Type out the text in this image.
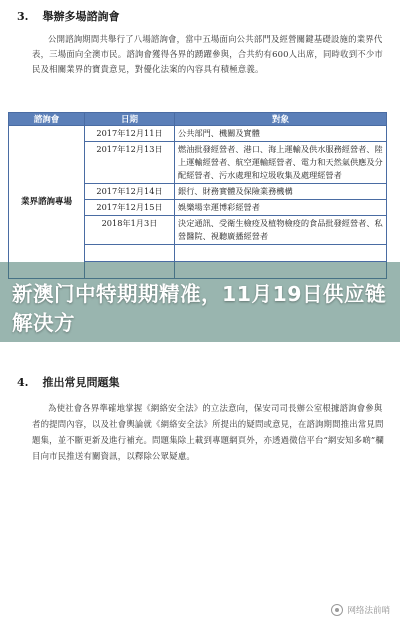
3. 舉辦多場諮詢會
公開諮詢期間共舉行了八場諮詢會，當中五場面向公共部門及經營關鍵基礎設施的業界代表，三場面向全澳市民。諮詢會獲得各界的踴躍參與，合共約有600人出席，同時收到不少市民及相關業界的寶貴意見，對優化法案的內容具有積極意義。
諮詢會	日期	對象
業界諮詢專場	2017年12月11日	公共部門、機關及實體
	2017年12月13日	燃油批發經營者、港口、海上運輸及供水服務經營者、陸上運輸經營者、航空運輸經營者、電力和天然氣供應及分配經營者、污水處理和垃圾收集及處理經營者
	2017年12月14日	銀行、財務實體及保險業務機構
	2017年12月15日	娛樂場幸運博彩經營者
	2018年1月3日	決定通訊、受衛生檢疫及植物檢疫的食品批發經營者、私營醫院、視聽廣播經營者

新澳门中特期期精准，11月19日供应链解决方
4. 推出常見問題集
為使社會各界準確地掌握《網絡安全法》的立法意向，保安司司長辦公室根據諮詢會參與者的提問內容，以及社會輿論就《網絡安全法》所提出的疑問或意見，在諮詢期間推出常見問題集，並不斷更新及進行補充。問題集除上載到專題網頁外，亦透過微信平台“網安知多啲”欄目向市民推送有關資訊，以釋除公眾疑慮。
网络法前哨
